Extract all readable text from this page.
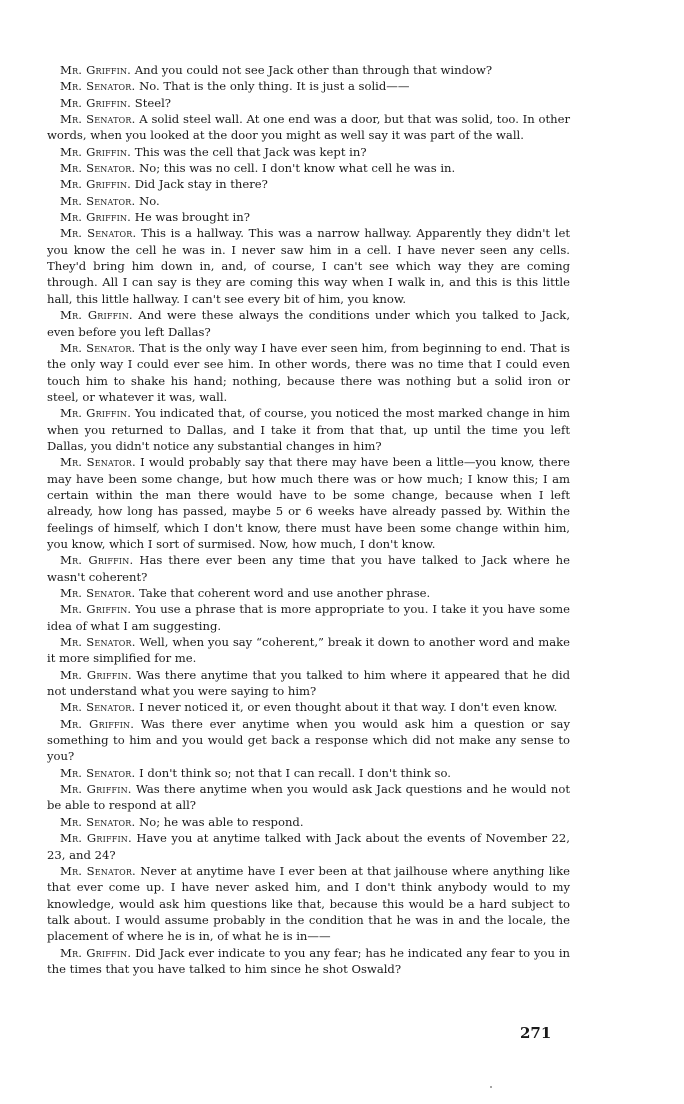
Mr. Griffin. And you could not see Jack other than through that window?

Mr. Senator. No. That is the only thing. It is just a solid——

Mr. Griffin. Steel?

Mr. Senator. A solid steel wall. At one end was a door, but that was solid, too. In other words, when you looked at the door you might as well say it was part of the wall.

Mr. Griffin. This was the cell that Jack was kept in?

Mr. Senator. No; this was no cell. I don't know what cell he was in.

Mr. Griffin. Did Jack stay in there?

Mr. Senator. No.

Mr. Griffin. He was brought in?

Mr. Senator. This is a hallway. This was a narrow hallway. Apparently they didn't let you know the cell he was in. I never saw him in a cell. I have never seen any cells. They'd bring him down in, and, of course, I can't see which way they are coming through. All I can say is they are coming this way when I walk in, and this is this little hall, this little hallway. I can't see every bit of him, you know.

Mr. Griffin. And were these always the conditions under which you talked to Jack, even before you left Dallas?

Mr. Senator. That is the only way I have ever seen him, from beginning to end. That is the only way I could ever see him. In other words, there was no time that I could even touch him to shake his hand; nothing, because there was nothing but a solid iron or steel, or whatever it was, wall.

Mr. Griffin. You indicated that, of course, you noticed the most marked change in him when you returned to Dallas, and I take it from that that, up until the time you left Dallas, you didn't notice any substantial changes in him?

Mr. Senator. I would probably say that there may have been a little—you know, there may have been some change, but how much there was or how much; I know this; I am certain within the man there would have to be some change, because when I left already, how long has passed, maybe 5 or 6 weeks have already passed by. Within the feelings of himself, which I don't know, there must have been some change within him, you know, which I sort of surmised. Now, how much, I don't know.

Mr. Griffin. Has there ever been any time that you have talked to Jack where he wasn't coherent?

Mr. Senator. Take that coherent word and use another phrase.

Mr. Griffin. You use a phrase that is more appropriate to you. I take it you have some idea of what I am suggesting.

Mr. Senator. Well, when you say “coherent,” break it down to another word and make it more simplified for me.

Mr. Griffin. Was there anytime that you talked to him where it appeared that he did not understand what you were saying to him?

Mr. Senator. I never noticed it, or even thought about it that way. I don't even know.

Mr. Griffin. Was there ever anytime when you would ask him a question or say something to him and you would get back a response which did not make any sense to you?

Mr. Senator. I don't think so; not that I can recall. I don't think so.

Mr. Griffin. Was there anytime when you would ask Jack questions and he would not be able to respond at all?

Mr. Senator. No; he was able to respond.

Mr. Griffin. Have you at anytime talked with Jack about the events of November 22, 23, and 24?

Mr. Senator. Never at anytime have I ever been at that jailhouse where anything like that ever come up. I have never asked him, and I don't think anybody would to my knowledge, would ask him questions like that, because this would be a hard subject to talk about. I would assume probably in the condition that he was in and the locale, the placement of where he is in, of what he is in——

Mr. Griffin. Did Jack ever indicate to you any fear; has he indicated any fear to you in the times that you have talked to him since he shot Oswald?

271
